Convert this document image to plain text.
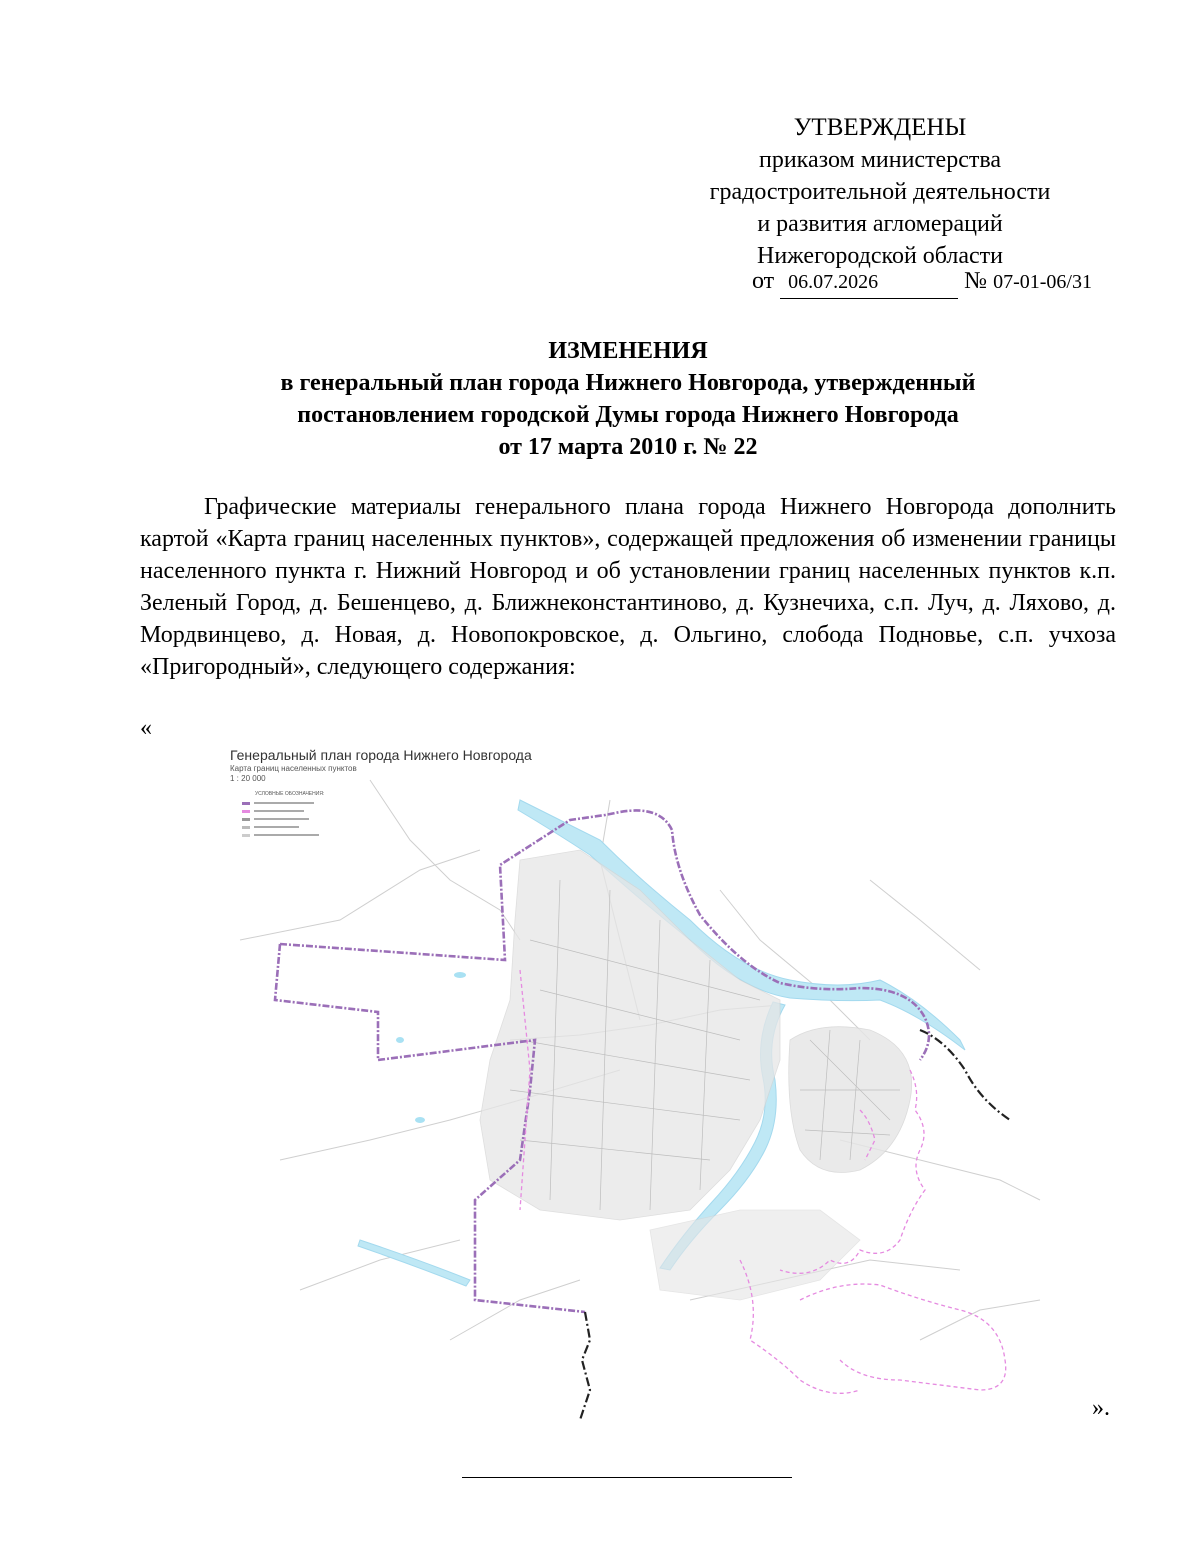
УТВЕРЖДЕНЫ
приказом министерства
градостроительной деятельности
и развития агломераций
Нижегородской области
от 06.07.2026	№ 07-01-06/31
ИЗМЕНЕНИЯ
в генеральный план города Нижнего Новгорода, утвержденный
постановлением городской Думы города Нижнего Новгорода
от 17 марта 2010 г. № 22
Графические материалы генерального плана города Нижнего Новгорода дополнить картой «Карта границ населенных пунктов», содержащей предложения об изменении границы населенного пункта г. Нижний Новгород и об установлении границ населенных пунктов к.п. Зеленый Город, д. Бешенцево, д. Ближнеконстантиново, д. Кузнечиха, с.п. Луч, д. Ляхово, д. Мордвинцево, д. Новая, д. Новопокровское, д. Ольгино, слобода Подновье, с.п. учхоза «Пригородный», следующего содержания:
«
Генеральный план города Нижнего Новгорода
Карта границ населенных пунктов
1 : 20 000
УСЛОВНЫЕ ОБОЗНАЧЕНИЯ:
».
